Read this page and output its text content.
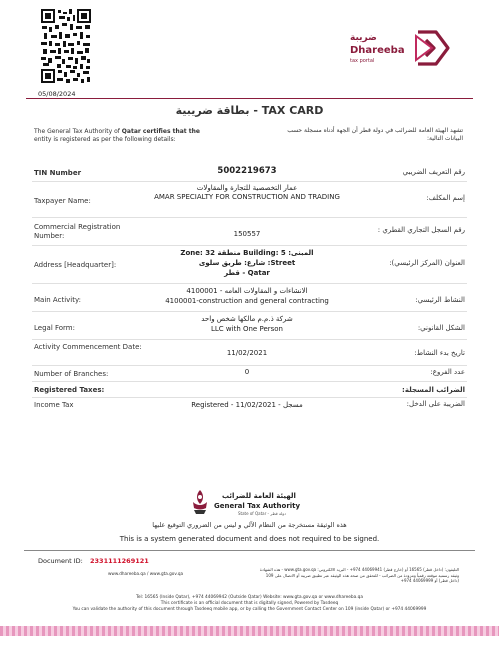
05/08/2024
ضريبة
Dhareeba
tax portal
بطاقة ضريبية - TAX CARD
The General Tax Authority of Qatar certifies that the
entity is registered as per the following details:
تشهد الهيئة العامة للضرائب في دولة قطر أن الجهة أدناه مسجلة حسب البيانات التالية:
TIN Number	5002219673	رقم التعريف الضريبي
Taxpayer Name:
عمار التخصصية للتجارة والمقاولات
AMAR SPECIALTY FOR CONSTRUCTION AND TRADING	إسم المكلف:
Commercial Registration Number:	150557	رقم السجل التجاري القطري :
Address [Headquarter]:
Zone: 32 منطقة Building: 5 :المبنى
شارع: طريق سلوى :Street
قطر - Qatar
العنوان (المركز الرئيسي):
Main Activity:
الانشاءات و المقاولات العامه - 4100001
4100001-construction and general contracting	النشاط الرئيسي:
Legal Form:
شركة ذ.م.م مالكها شخص واحد
LLC with One Person	الشكل القانوني:
Activity Commencement Date:
11/02/2021	تاريخ بدء النشاط:
Number of Branches:	0	عدد الفروع:
Registered Taxes:	الضرائب المسجلة:
Income Tax	Registered - 11/02/2021 - مسجل	الضريبة على الدخل:
الهيئة العامة للضرائب
General Tax Authority
State of Qatar - دولة قطر
هذه الوثيقة مستخرجة من النظام الآلي و ليس من الضروري التوقيع عليها
This is a system generated document and does not required to be signed.
Document ID: 2331111269121
www.dhareeba.qa / www.gta.gov.qa
التليفون: (داخل قطر) 16565 أو (خارج قطر) 44069941 974+ - البريد الالكتروني: www.gta.gov.qa - هذه الشهادة وثيقة رسمية موقعة رقمياً ومزودة من الضرائب - للتحقق من صحة هذه الوثيقة عبر تطبيق ضريبة أو الاتصال على 109 (داخل قطر) أو 44069999 974+
Tel: 16565 (Inside Qatar), +974 44069942 (Outside Qatar) Website: www.gta.gov.qa or www.dhareeba.qa
This certificate is an official document that is digitally signed, Powered by Tasdeeq
You can validate the authority of this document through Tasdeeq mobile app, or by calling the Government Contact Center on 109 (inside Qatar) or +974 44069999
